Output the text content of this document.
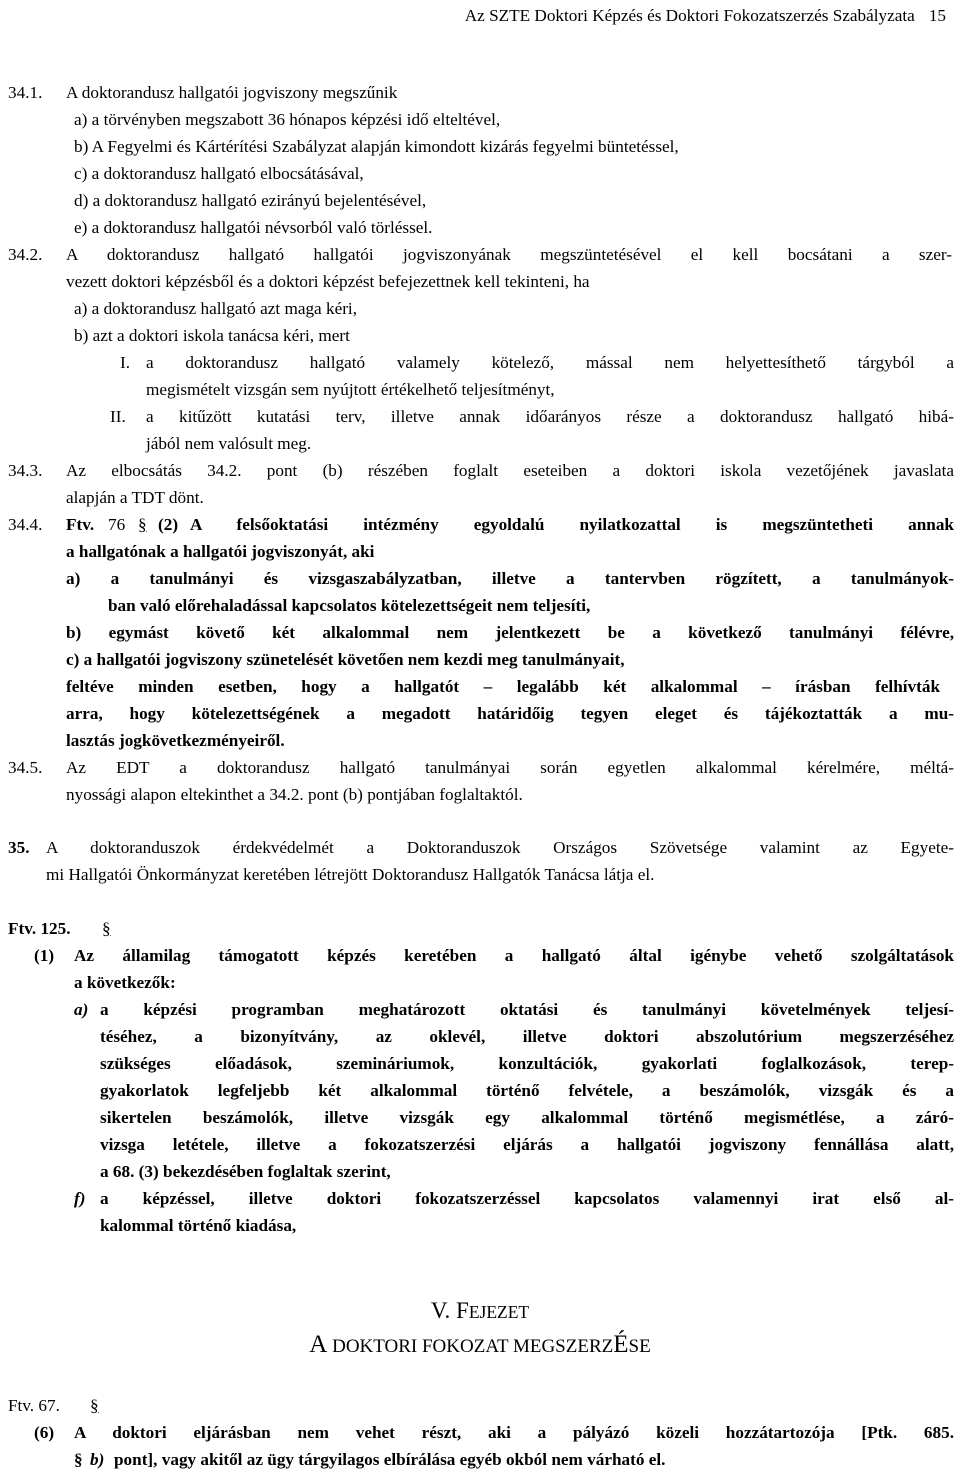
Az SZTE Doktori Képzés és Doktori Fokozatszerzés Szabályzata 15
34.1. A doktorandusz hallgatói jogviszony megszűnik
a) a törvényben megszabott 36 hónapos képzési idő elteltével,
b) A Fegyelmi és Kártérítési Szabályzat alapján kimondott kizárás fegyelmi büntetéssel,
c) a doktorandusz hallgató elbocsátásával,
d) a doktorandusz hallgató ezirányú bejelentésével,
e) a doktorandusz hallgatói névsorból való törléssel.
34.2. A doktorandusz hallgató hallgatói jogviszonyának megszüntetésével el kell bocsátani a szer-
vezett doktori képzésből és a doktori képzést befejezettnek kell tekinteni, ha
a) a doktorandusz hallgató azt maga kéri,
b) azt a doktori iskola tanácsa kéri, mert
I. a doktorandusz hallgató valamely kötelező, mással nem helyettesíthető tárgyból a
megismételt vizsgán sem nyújtott értékelhető teljesítményt,
II. a kitűzött kutatási terv, illetve annak időarányos része a doktorandusz hallgató hibá-
jából nem valósult meg.
34.3. Az elbocsátás 34.2. pont (b) részében foglalt eseteiben a doktori iskola vezetőjének javaslata
alapján a TDT dönt.
34.4. Ftv. 76 § (2) A felsőoktatási intézmény egyoldalú nyilatkozattal is megszüntetheti annak
a hallgatónak a hallgatói jogviszonyát, aki
a) a tanulmányi és vizsgaszabályzatban, illetve a tantervben rögzített, a tanulmányok-
ban való előrehaladással kapcsolatos kötelezettségeit nem teljesíti,
b) egymást követő két alkalommal nem jelentkezett be a következő tanulmányi félévre,
c) a hallgatói jogviszony szünetelését követően nem kezdi meg tanulmányait,
feltéve minden esetben, hogy a hallgatót – legalább két alkalommal – írásban felhívták
arra, hogy kötelezettségének a megadott határidőig tegyen eleget és tájékoztatták a mu-
lasztás jogkövetkezményeiről.
34.5. Az EDT a doktorandusz hallgató tanulmányai során egyetlen alkalommal kérelmére, méltá-
nyossági alapon eltekinthet a 34.2. pont (b) pontjában foglaltaktól.
35. A doktoranduszok érdekvédelmét a Doktoranduszok Országos Szövetsége valamint az Egyete-
mi Hallgatói Önkormányzat keretében létrejött Doktorandusz Hallgatók Tanácsa látja el.
Ftv. 125. §
(1) Az államilag támogatott képzés keretében a hallgató által igénybe vehető szolgáltatások
a következők:
a) a képzési programban meghatározott oktatási és tanulmányi követelmények teljesí-
téséhez, a bizonyítvány, az oklevél, illetve doktori abszolutórium megszerzéséhez
szükséges előadások, szemináriumok, konzultációk, gyakorlati foglalkozások, terep-
gyakorlatok legfeljebb két alkalommal történő felvétele, a beszámolók, vizsgák és a
sikertelen beszámolók, illetve vizsgák egy alkalommal történő megismétlése, a záró-
vizsga letétele, illetve a fokozatszerzési eljárás a hallgatói jogviszony fennállása alatt,
a 68. (3) bekezdésében foglaltak szerint,
f) a képzéssel, illetve doktori fokozatszerzéssel kapcsolatos valamennyi irat első al-
kalommal történő kiadása,
V. FEJEZET
A DOKTORI FOKOZAT MEGSZERZÉSE
Ftv. 67. §
(6) A doktori eljárásban nem vehet részt, aki a pályázó közeli hozzátartozója [Ptk. 685.
§ b) pont], vagy akitől az ügy tárgyilagos elbírálása egyéb okból nem várható el.
